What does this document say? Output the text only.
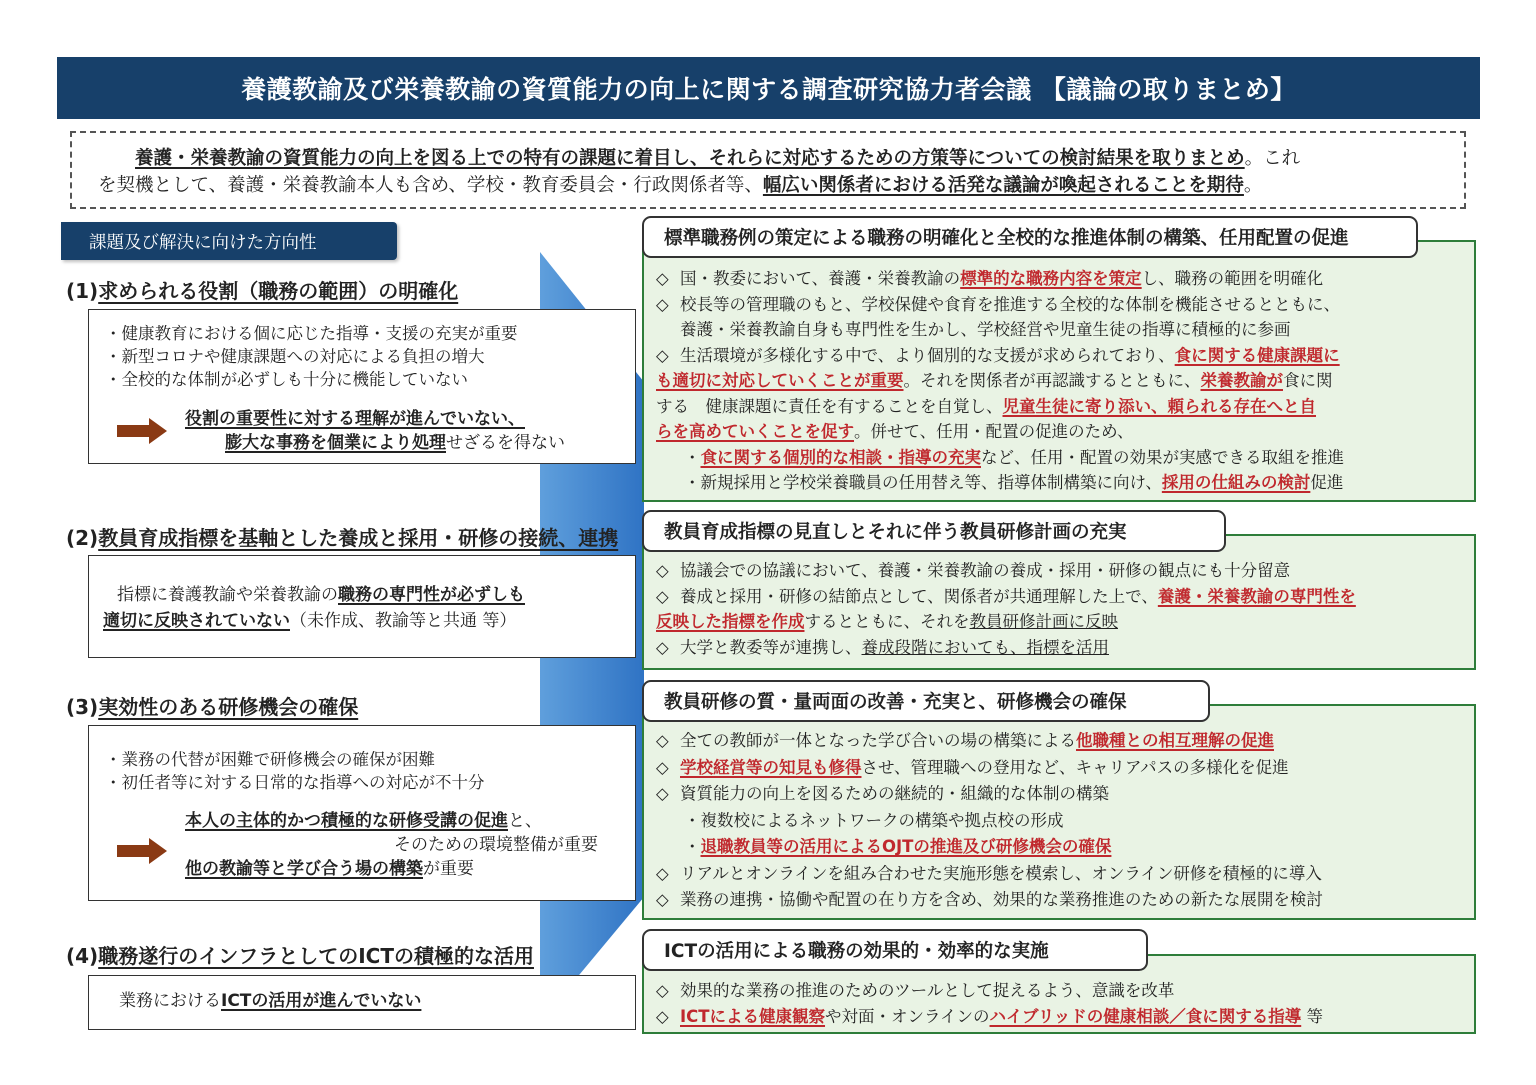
養護教諭及び栄養教諭の資質能力の向上に関する調査研究協力者会議 【議論の取りまとめ】
　　養護・栄養教諭の資質能力の向上を図る上での特有の課題に着目し、それらに対応するための方策等についての検討結果を取りまとめ。これ
を契機として、養護・栄養教諭本人も含め、学校・教育委員会・行政関係者等、幅広い関係者における活発な議論が喚起されることを期待。
課題及び解決に向けた方向性
(1)求められる役割（職務の範囲）の明確化
・健康教育における個に応じた指導・支援の充実が重要
・新型コロナや健康課題への対応による負担の増大
・全校的な体制が必ずしも十分に機能していない
役割の重要性に対する理解が進んでいない、
膨大な事務を個業により処理せざるを得ない
標準職務例の策定による職務の明確化と全校的な推進体制の構築、任用配置の促進
◇ 国・教委において、養護・栄養教諭の標準的な職務内容を策定し、職務の範囲を明確化
◇ 校長等の管理職のもと、学校保健や食育を推進する全校的な体制を機能させるとともに、
養護・栄養教諭自身も専門性を生かし、学校経営や児童生徒の指導に積極的に参画
◇ 生活環境が多様化する中で、より個別的な支援が求められており、食に関する健康課題に
も適切に対応していくことが重要。それを関係者が再認識するとともに、栄養教諭が食に関
する　健康課題に責任を有することを自覚し、児童生徒に寄り添い、頼られる存在へと自
らを高めていくことを促す。併せて、任用・配置の促進のため、
・食に関する個別的な相談・指導の充実など、任用・配置の効果が実感できる取組を推進
・新規採用と学校栄養職員の任用替え等、指導体制構築に向け、採用の仕組みの検討促進
(2)教員育成指標を基軸とした養成と採用・研修の接続、連携
指標に養護教諭や栄養教諭の職務の専門性が必ずしも
適切に反映されていない（未作成、教諭等と共通 等）
教員育成指標の見直しとそれに伴う教員研修計画の充実
◇ 協議会での協議において、養護・栄養教諭の養成・採用・研修の観点にも十分留意
◇ 養成と採用・研修の結節点として、関係者が共通理解した上で、養護・栄養教諭の専門性を
反映した指標を作成するとともに、それを教員研修計画に反映
◇ 大学と教委等が連携し、養成段階においても、指標を活用
(3)実効性のある研修機会の確保
・業務の代替が困難で研修機会の確保が困難
・初任者等に対する日常的な指導への対応が不十分
本人の主体的かつ積極的な研修受講の促進と、
そのための環境整備が重要
他の教諭等と学び合う場の構築が重要
教員研修の質・量両面の改善・充実と、研修機会の確保
◇ 全ての教師が一体となった学び合いの場の構築による他職種との相互理解の促進
◇ 学校経営等の知見も修得させ、管理職への登用など、キャリアパスの多様化を促進
◇ 資質能力の向上を図るための継続的・組織的な体制の構築
・複数校によるネットワークの構築や拠点校の形成
・退職教員等の活用によるOJTの推進及び研修機会の確保
◇ リアルとオンラインを組み合わせた実施形態を模索し、オンライン研修を積極的に導入
◇ 業務の連携・協働や配置の在り方を含め、効果的な業務推進のための新たな展開を検討
(4)職務遂行のインフラとしてのICTの積極的な活用
業務におけるICTの活用が進んでいない
ICTの活用による職務の効果的・効率的な実施
◇ 効果的な業務の推進のためのツールとして捉えるよう、意識を改革
◇ ICTによる健康観察や対面・オンラインのハイブリッドの健康相談／食に関する指導 等
